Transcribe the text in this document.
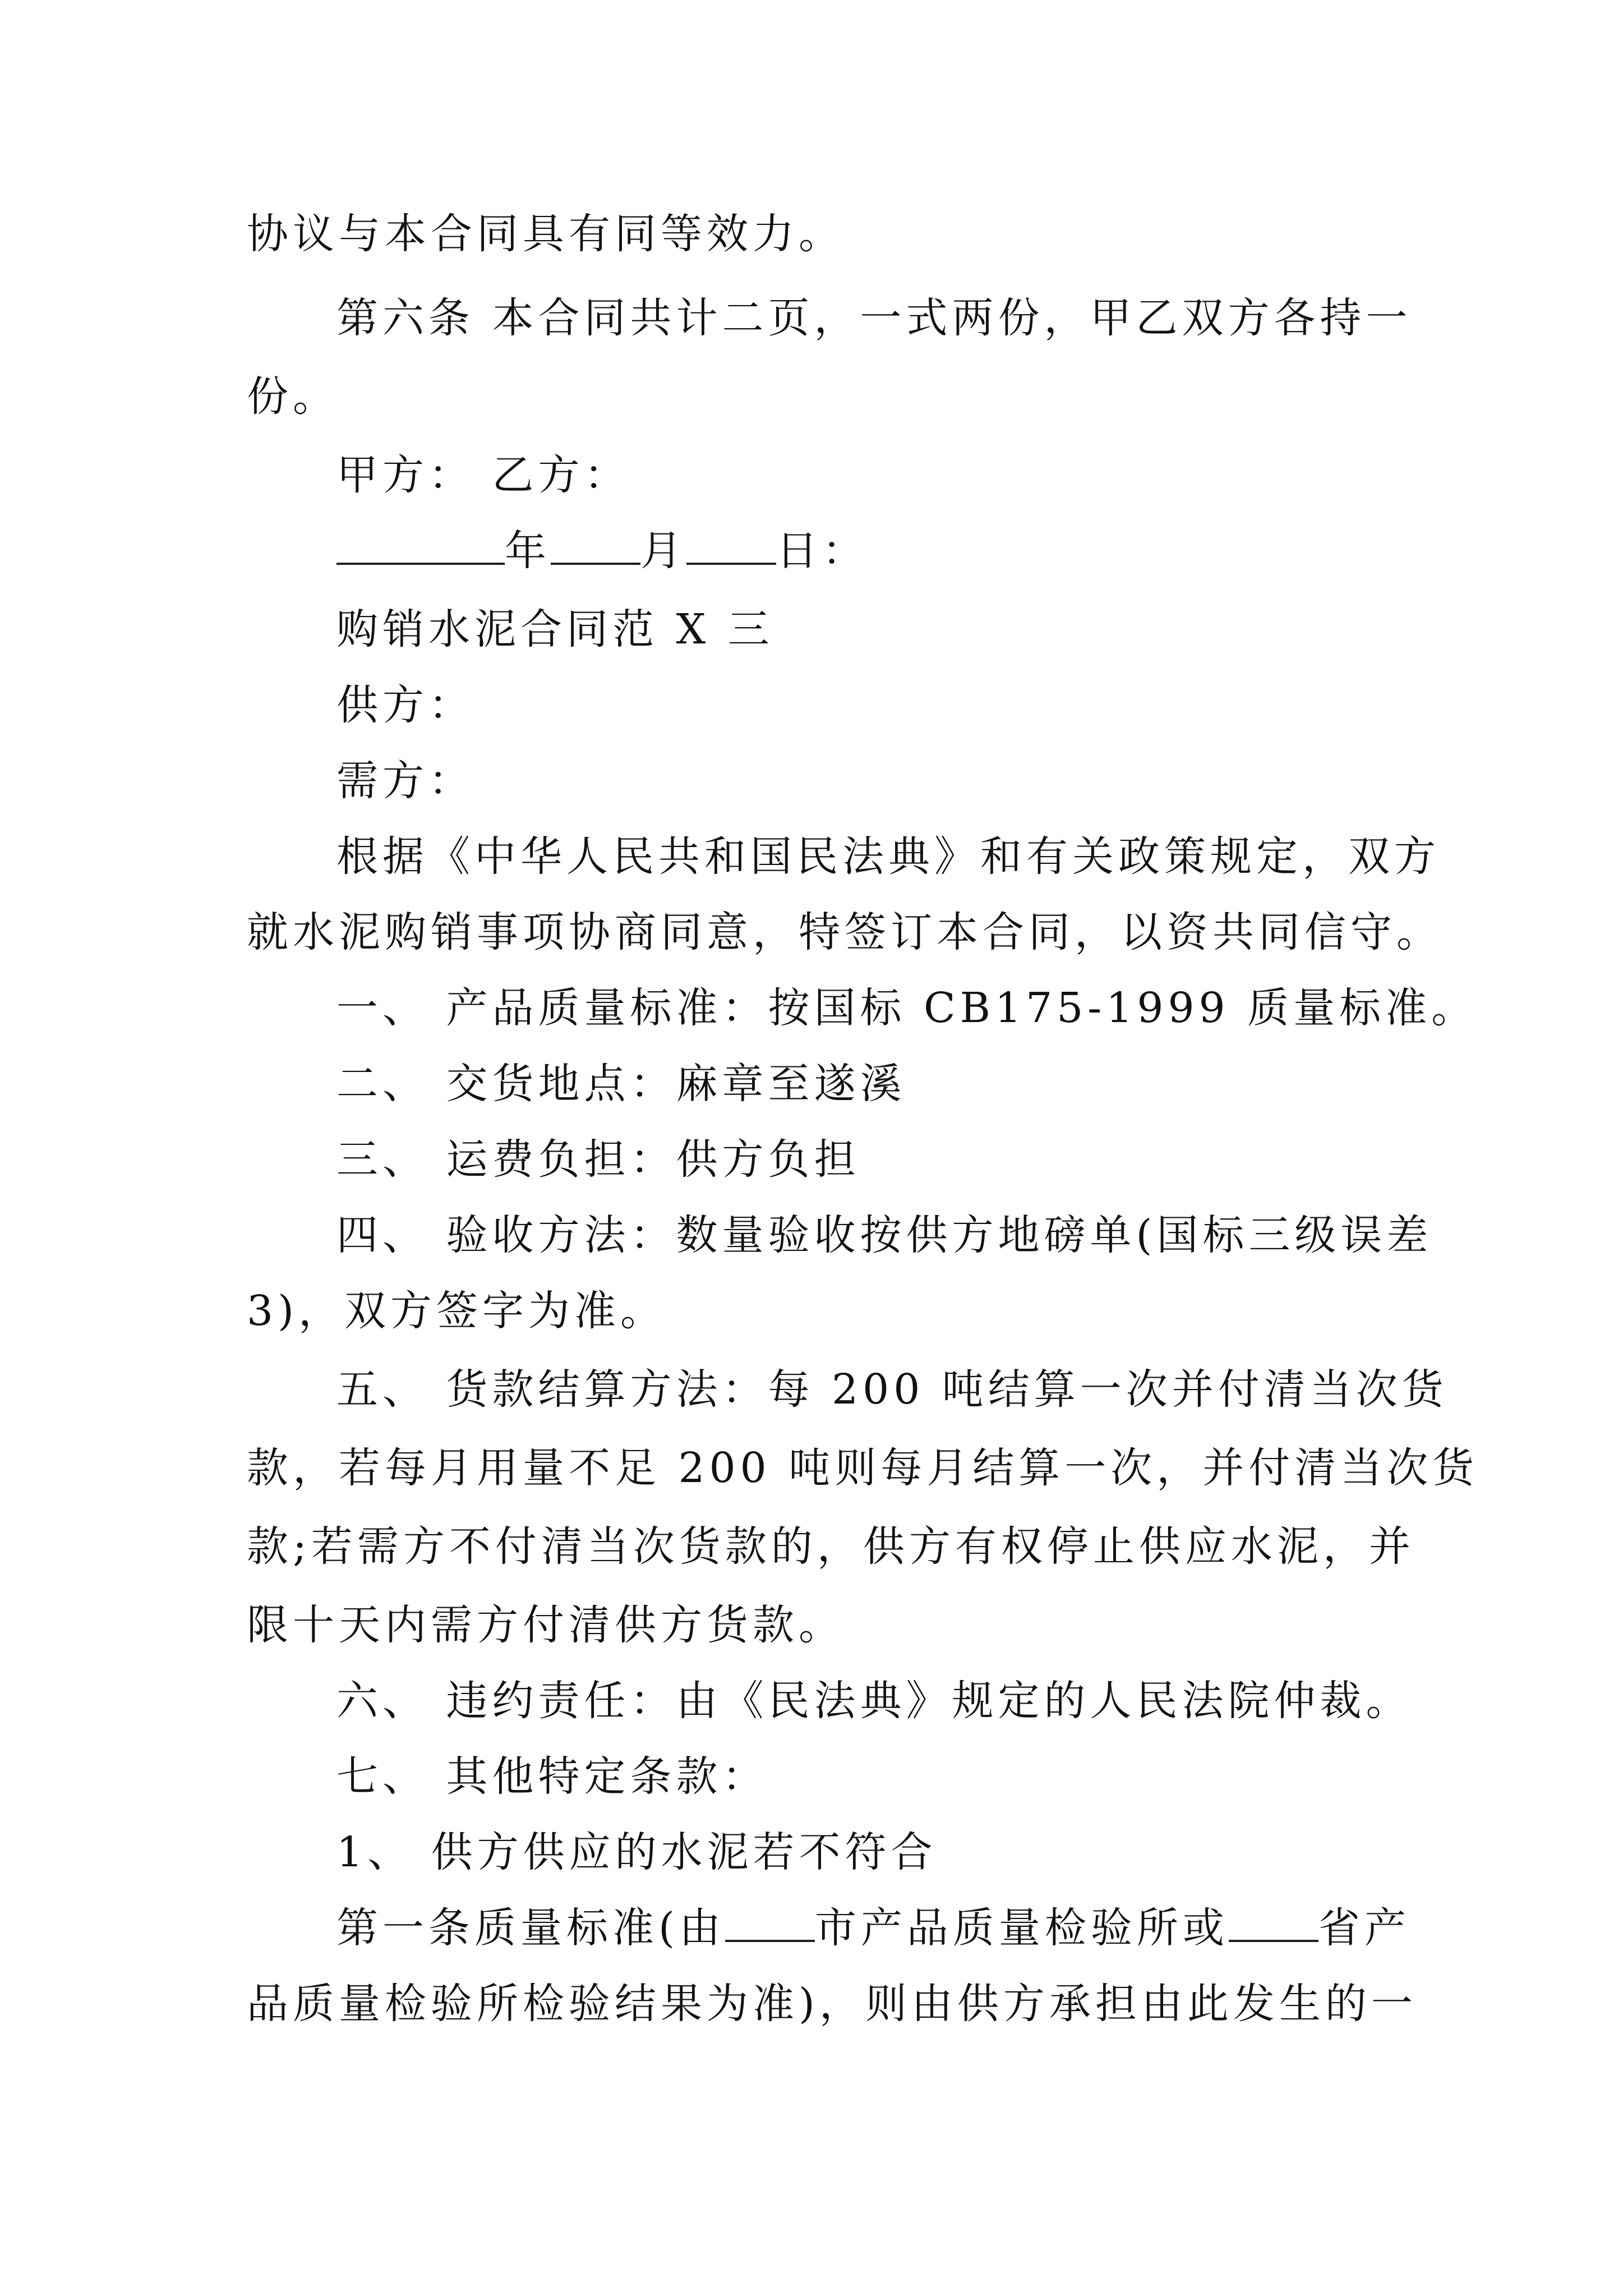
协议与本合同具有同等效力。
第六条 本合同共计二页，一式两份，甲乙双方各持一
份。
甲方： 乙方：
年 月 日：
购销水泥合同范 X 三
供方：
需方：
根据《中华人民共和国民法典》和有关政策规定，双方
就水泥购销事项协商同意，特签订本合同，以资共同信守。
一、 产品质量标准：按国标 CB175-1999 质量标准。
二、 交货地点：麻章至遂溪
三、 运费负担：供方负担
四、 验收方法：数量验收按供方地磅单(国标三级误差
3)，双方签字为准。
五、 货款结算方法：每 200 吨结算一次并付清当次货
款，若每月用量不足 200 吨则每月结算一次，并付清当次货
款;若需方不付清当次货款的，供方有权停止供应水泥，并
限十天内需方付清供方货款。
六、 违约责任：由《民法典》规定的人民法院仲裁。
七、 其他特定条款：
1、 供方供应的水泥若不符合
第一条质量标准(由 市产品质量检验所或 省产
品质量检验所检验结果为准)，则由供方承担由此发生的一
